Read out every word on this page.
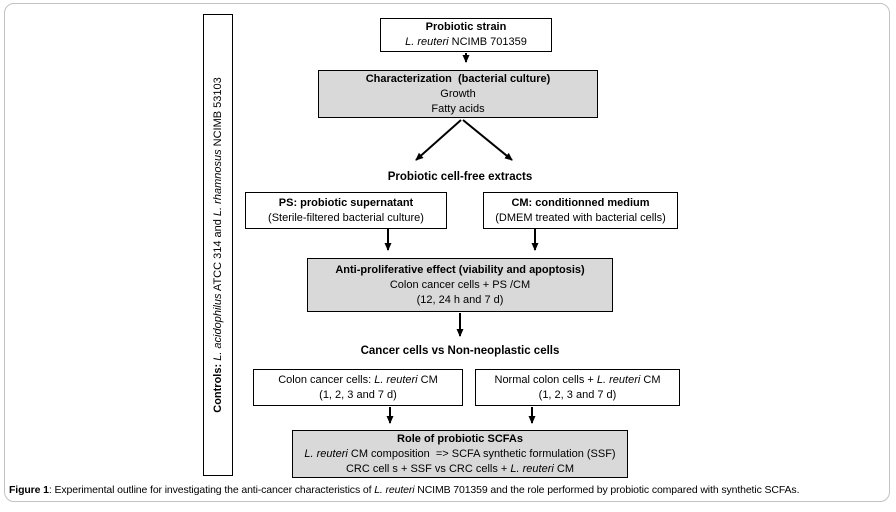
Controls: L. acidophilus ATCC 314 and L. rhamnosus NCIMB 53103
Probiotic strain
L. reuteri NCIMB 701359
Characterization  (bacterial culture)
Growth
Fatty acids
Probiotic cell-free extracts
PS: probiotic supernatant
(Sterile-filtered bacterial culture)
CM: conditionned medium
(DMEM treated with bacterial cells)
Anti-proliferative effect (viability and apoptosis)
Colon cancer cells + PS /CM
(12, 24 h and 7 d)
Cancer cells vs Non-neoplastic cells
Colon cancer cells: L. reuteri CM
(1, 2, 3 and 7 d)
Normal colon cells + L. reuteri CM
(1, 2, 3 and 7 d)
Role of probiotic SCFAs
L. reuteri CM composition  => SCFA synthetic formulation (SSF)
CRC cell s + SSF vs CRC cells + L. reuteri CM
Figure 1: Experimental outline for investigating the anti-cancer characteristics of L. reuteri NCIMB 701359 and the role performed by probiotic compared with synthetic SCFAs.
